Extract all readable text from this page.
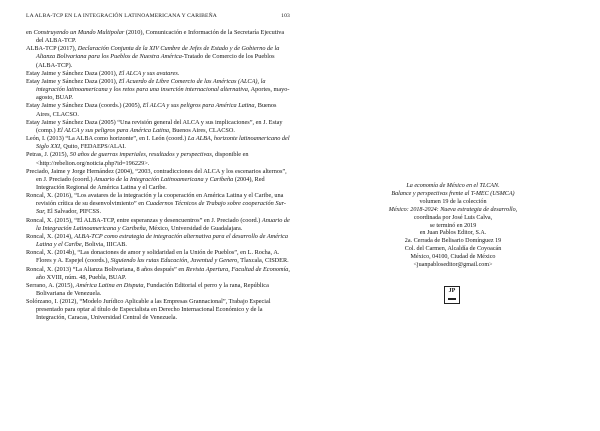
LA ALBA-TCP EN LA INTEGRACIÓN LATINOAMERICANA Y CARIBEÑA	103
en Construyendo un Mundo Multipolar (2010), Comunicación e Información de la Secretaría Ejecutiva del ALBA-TCP.
ALBA-TCP (2017), Declaración Conjunta de la XIV Cumbre de Jefes de Estado y de Gobierno de la Alianza Bolivariana para los Pueblos de Nuestra América-Tratado de Comercio de los Pueblos (ALBA-TCP).
Estay Jaime y Sánchez Daza (2001), El ALCA y sus avatares.
Estay Jaime y Sánchez Daza (2001), El Acuerdo de Libre Comercio de las Américas (ALCA), la integración latinoamericana y los retos para una inserción internacional alternativa, Aportes, mayo-agosto, BUAP.
Estay Jaime y Sánchez Daza (coords.) (2005), El ALCA y sus peligros para América Latina, Buenos Aires, CLACSO.
Estay Jaime y Sánchez Daza (2005) “Una revisión general del ALCA y sus implicaciones”, en J. Estay (comp.) El ALCA y sus peligros para América Latina, Buenos Aires, CLACSO.
León, I. (2013) “La ALBA como horizonte”, en I. León (coord.) La ALBA, horizonte latinoamericano del Siglo XXI, Quito, FEDAEPS/ALAI.
Petras, J. (2015), 50 años de guerras imperiales, resultados y perspectivas, disponible en <http://rebelion.org/noticia.php?id=196229>.
Preciado, Jaime y Jorge Hernández (2004), “2003, contradicciones del ALCA y los escenarios alternos”, en J. Preciado (coord.) Anuario de la Integración Latinoamericana y Caribeña (2004), Red Integración Regional de América Latina y el Caribe.
Roncal, X. (2016), “Los avatares de la integración y la cooperación en América Latina y el Caribe, una revisión crítica de su desenvolvimiento” en Cuadernos Técnicos de Trabajo sobre cooperación Sur-Sur, El Salvador, PIFCSS.
Roncal, X. (2015), “El ALBA-TCP, entre esperanzas y desencuentros” en J. Preciado (coord.) Anuario de la Integración Latinoamericana y Caribeña, México, Universidad de Guadalajara.
Roncal, X. (2014), ALBA-TCP como estrategia de integración alternativa para el desarrollo de América Latina y el Caribe, Bolivia, IIICAB.
Roncal, X. (2014b), “Las donaciones de amor y solidaridad en la Unión de Pueblos”, en L. Rocha, A. Flores y A. Espejel (coords.), Siguiendo las rutas Educación, Juventud y Genero, Tlaxcala, CISDER.
Roncal, X. (2013) “La Alianza Bolivariana, 8 años después” en Revista Apertura, Facultad de Economía, año XVIII, núm. 48, Puebla, BUAP.
Serrano, A. (2015), América Latina en Disputa, Fundación Editorial el perro y la rana, República Bolivariana de Venezuela.
Solórzano, I. (2012), “Modelo Jurídico Aplicable a las Empresas Grannacional”, Trabajo Especial presentado para optar al título de Especialista en Derecho Internacional Económico y de la Integración, Caracas, Universidad Central de Venezuela.
La economía de México en el TLCAN.
Balance y perspectivas frente al T-MEC (USMCA)
volumen 19 de la colección
México: 2018-2024: Nueva estrategia de desarrollo,
coordinada por José Luis Calva,
se terminó en 2019
en Juan Pablos Editor, S.A.
2a. Cerrada de Belisario Domínguez 19
Col. del Carmen, Alcaldía de Coyoacán
México, 04100, Ciudad de México
<juanpabloseditor@gmail.com>
JP
